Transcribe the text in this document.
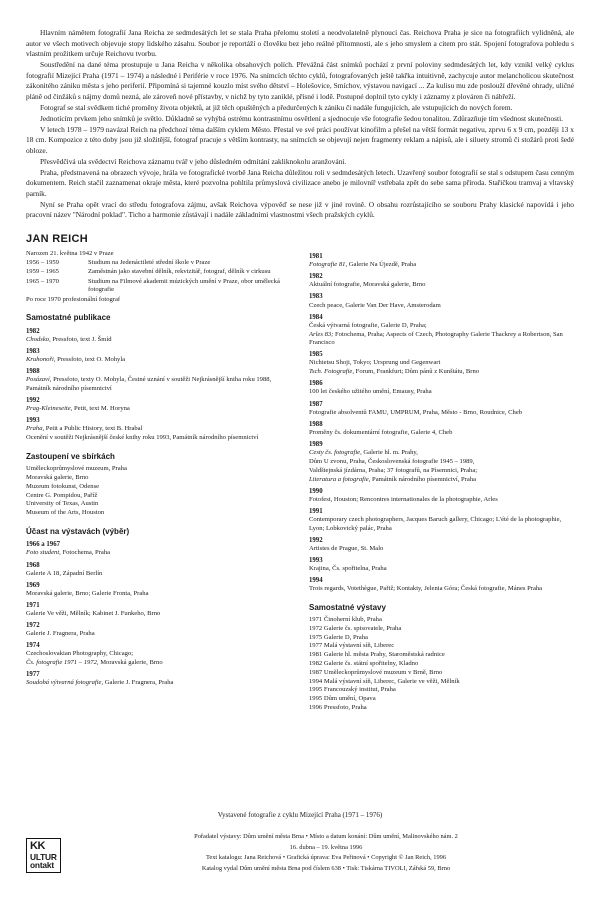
Hlavním námětem fotografií Jana Reicha ze sedmdesátých let se stala Praha přelomu století a neodvolatelně plynoucí čas. Reichova Praha je sice na fotografiích vylidněná, ale autor ve všech motivech objevuje stopy lidského zásahu. Soubor je reportáží o člověku bez jeho reálné přítomnosti, ale s jeho smyslem a citem pro stát. Spojení fotografova pohledu s vlastním prožitkem určuje Reichovu tvorbu.

Soustředění na dané téma prostupuje u Jana Reicha v několika obsahových polích. Převážná část snímků pochází z první poloviny sedmdesátých let, kdy vznikl velký cyklus fotografií Mizející Praha (1971 – 1974) a následné i Periférie v roce 1976. Na snímcích těchto cyklů, fotografovaných ještě takřka intuitivně, zachycuje autor melancholicou skutečnost zákonitého zániku města s jeho periferií. Připomíná si tajemné kouzlo míst svého dětství – Holešovice, Smíchov, výstavou navigací ... Za kulisu mu zde poslouží dřevěné ohrady, uličné pláně od činžáků s nájmy domů nezná, ale zároveň nové přístavby, v nichž by tyto zaniklé, přísné i lodě. Postupné doplnil tyto cykly i záznamy z plováren či nábřeží.

Fotograf se stal svědkem tiché proměny života objektů, at již těch opuštěných a předurčených k zániku či nadále fungujících, ale vstupujících do nových forem.

Jednotícím prvkem jeho snímků je světlo. Důkladně se vyhýbá ostrému kontrastnímu osvětlení a sjednocuje vše fotografie šedou tonalitou. Zdůrazňuje tím všednost skutečnosti.

V letech 1978 – 1979 navázal Reich na předchozí téma dalším cyklem Město. Přestal ve své práci používat kinofilm a přešel na větší formát negativu, zprvu 6 x 9 cm, později 13 x 18 cm. Kompozice z této doby jsou již složitější, fotograf pracuje s větším kontrasty, na snímcích se objevují nejen fragmenty reklam a nápisů, ale i siluety stromů či stožárů proti šedé obloze.

Přesvědčivá ula svědectví Reichova záznamu tvář v jeho důsledném odmítání zakliknokolu aranžování.

Praha, předstnavená na obrazech vývoje, hrála ve fotografické tvorbě Jana Reicha důležitou roli v sedmdesátých letech. Uzavřený soubor fotografií se stal s odstupem času cenným dokumentem. Reich stačil zaznamenat okraje města, které pozvolna pohltila průmyslová civilizace anebo je milovníř vstřebala zpět do sebe sama příroda. Stařičkou tramvaj a vltavský parník.

Nyní se Praha opět vrací do středu fotografova zájmu, avšak Reichova výpověď se nese již v jiné rovině. O obsahu rozrůstajícího se souboru Prahy klasické napovídá i jeho pracovní název "Národní poklad". Ticho a harmonie zůstávají i nadále základními vlastnostmi všech pražských cyklů.

JAN REICH
Narozen 21. května 1942 v Praze
1956 – 1959	Studium na Jedenáctileté střední škole v Praze
1959 – 1965	Zaměstnán jako stavební dělník, rekvizitář, fotograf, dělník v cirkusu
1965 – 1970	Studium na Filmové akademii múzických umění v Praze, obor umělecká fotografie
Po roce 1970 profesionální fotograf
Samostatné publikace
1982
Chodsko, Pressfoto, text J. Šmíd
1983
Kruhonoři, Pressfoto, text O. Mohyla
1988
Posázaví, Pressfoto, texty O. Mohyla, Čestné uznání v soutěži Nejkrásnější kniha roku 1988, Památník národního písemnictví
1992
Prag-Kleineseite, Petit, text M. Horyna
1993
Praha, Petit a Public History, text B. Hrabal
Ocenění v soutěži Nejkrásnější české knihy roku 1993, Památník národního písemnictví
Zastoupení ve sbírkách
Uměleckoprůmyslové muzeum, Praha
Moravská galerie, Brno
Muzeum fotokunst, Odense
Centre G. Pompidou, Paříž
University of Texas, Austin
Museum of the Arts, Houston
Účast na výstavách (výběr)
1966 a 1967
Foto student, Fotochema, Praha
1968
Galerie A 18, Západní Berlín
1969
Moravská galerie, Brno; Galerie Fronta, Praha
1971
Galerie Ve věži, Mělník; Kabinet J. Funkeho, Brno
1972
Galerie J. Fragnera, Praha
1974
Czechoslovakian Photography, Chicago;
Čs. fotografie 1971 – 1972, Moravská galerie, Brno
1977
Soudobá výtvarná fotografie, Galerie J. Fragnera, Praha
1981
Fotografie 81, Galerie Na Újezdě, Praha
1982
Aktuální fotografie, Moravská galerie, Brno
1983
Czech peace, Galerie Van Der Have, Amsterodam
1984
Česká výtvarná fotografie, Galerie D, Praha;
Arles 83; Fotochema, Praha; Aspects of Czech, Photography Galerie Thackrey a Robertson, San Francisco
1985
Nichietsu Shoji, Tokyo; Ursprung und Gegenwart
Tsch. Fotografie, Forum, Frankfurt; Dům pánů z Kunštátu, Brno
1986
100 let českého užitého umění, Emausy, Praha
1987
Fotografie absolventů FAMU, UMPRUM, Praha, Město - Brno, Roudnice, Cheb
1988
Proměny čs. dokumentární fotografie, Galerie 4, Cheb
1989
Cesty čs. fotografie, Galerie hl. m. Prahy,
Dům U zvonu, Praha, Československá fotografie 1945 – 1989,
Valdštejnská jízdárna, Praha; 37 fotografů, na Písemnici, Praha;
Literatura a fotografie, Památník národního písemnictví, Praha
1990
Fotofest, Houston; Rencontres internationales de la photographie, Arles
1991
Contemporary czech photographers, Jacques Baruch gallery, Chicago; L'été de la photographie, Lyon; Lobkovický palác, Praha
1992
Artistes de Prague, St. Malo
1993
Krajina, Čs. spořitelna, Praha
1994
Trois regards, Votethègue, Pařiž; Kontakty, Jelenia Góra; Česká fotografie, Mánes Praha
Samostatné výstavy
1971 Činoherní klub, Praha
1972 Galerie čs. spisovatele, Praha
1975 Galerie D, Praha
1977 Malá výstavní síň, Liberec
1981 Galerie hl. města Prahy, Staroměstská radnice
1982 Galerie čs. státní spořitelny, Kladno
1987 Uměleckoprůmyslové muzeum v Brně, Brno
1994 Malá výstavní síň, Liberec, Galerie ve věži, Mělník
1995 Francouzský institut, Praha
1995 Dům umění, Opava
1996 Pressfoto, Praha
Vystavené fotografie z cyklu Mizející Praha (1971 – 1976)
KK
ULTUR
ontakt
Pořadatel výstavy: Dům umění města Brna • Místo a datum konání: Dům umění, Malinovského nám. 2
16. dubna – 19. května 1996
Text katalogu: Jana Reichová • Grafická úprava: Eva Peřinová • Copyright © Jan Reich, 1996
Katalog vydal Dům umění města Brna pod číslem 638 • Tisk: Tiskárna TIVOLI, Zářská 59, Brno
